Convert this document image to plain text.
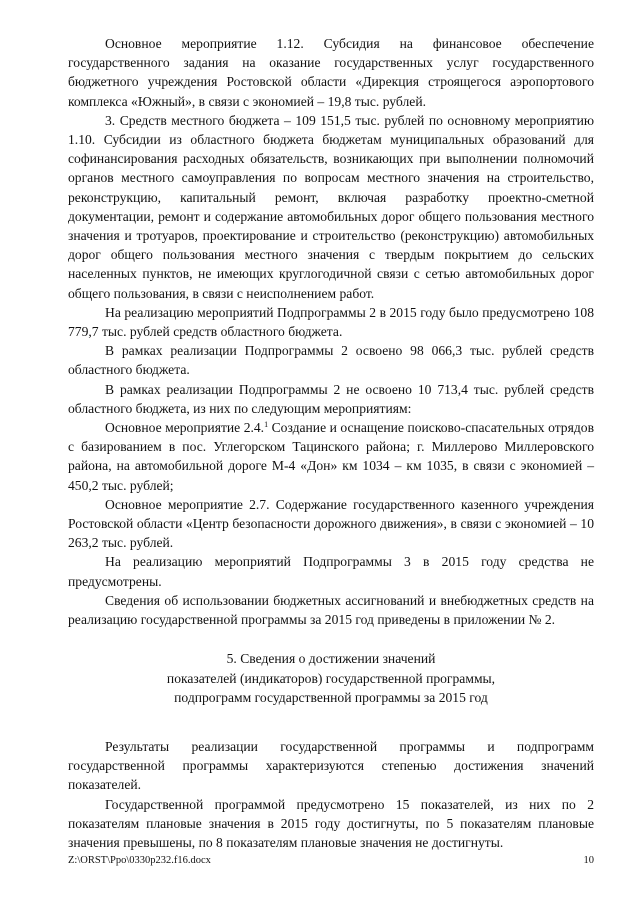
Основное мероприятие 1.12. Субсидия на финансовое обеспечение государственного задания на оказание государственных услуг государственного бюджетного учреждения Ростовской области «Дирекция строящегося аэропортового комплекса «Южный», в связи с экономией – 19,8 тыс. рублей.

3. Средств местного бюджета – 109 151,5 тыс. рублей по основному мероприятию 1.10. Субсидии из областного бюджета бюджетам муниципальных образований для софинансирования расходных обязательств, возникающих при выполнении полномочий органов местного самоуправления по вопросам местного значения на строительство, реконструкцию, капитальный ремонт, включая разработку проектно-сметной документации, ремонт и содержание автомобильных дорог общего пользования местного значения и тротуаров, проектирование и строительство (реконструкцию) автомобильных дорог общего пользования местного значения с твердым покрытием до сельских населенных пунктов, не имеющих круглогодичной связи с сетью автомобильных дорог общего пользования, в связи с неисполнением работ.

На реализацию мероприятий Подпрограммы 2 в 2015 году было предусмотрено 108 779,7 тыс. рублей средств областного бюджета.

В рамках реализации Подпрограммы 2 освоено 98 066,3 тыс. рублей средств областного бюджета.

В рамках реализации Подпрограммы 2 не освоено 10 713,4 тыс. рублей средств областного бюджета, из них по следующим мероприятиям:

Основное мероприятие 2.4.$^1$ Создание и оснащение поисково-спасательных отрядов с базированием в пос. Углегорском Тацинского района; г. Миллерово Миллеровского района, на автомобильной дороге М-4 «Дон» км 1034 – км 1035, в связи с экономией – 450,2 тыс. рублей;

Основное мероприятие 2.7. Содержание государственного казенного учреждения Ростовской области «Центр безопасности дорожного движения», в связи с экономией – 10 263,2 тыс. рублей.

На реализацию мероприятий Подпрограммы 3 в 2015 году средства не предусмотрены.

Сведения об использовании бюджетных ассигнований и внебюджетных средств на реализацию государственной программы за 2015 год приведены в приложении № 2.

5. Сведения о достижении значений
показателей (индикаторов) государственной программы,
подпрограмм государственной программы за 2015 год

Результаты реализации государственной программы и подпрограмм государственной программы характеризуются степенью достижения значений показателей.

Государственной программой предусмотрено 15 показателей, из них по 2 показателям плановые значения в 2015 году достигнуты, по 5 показателям плановые значения превышены, по 8 показателям плановые значения не достигнуты.

Z:\ORST\Ppo\0330p232.f16.docx	10
